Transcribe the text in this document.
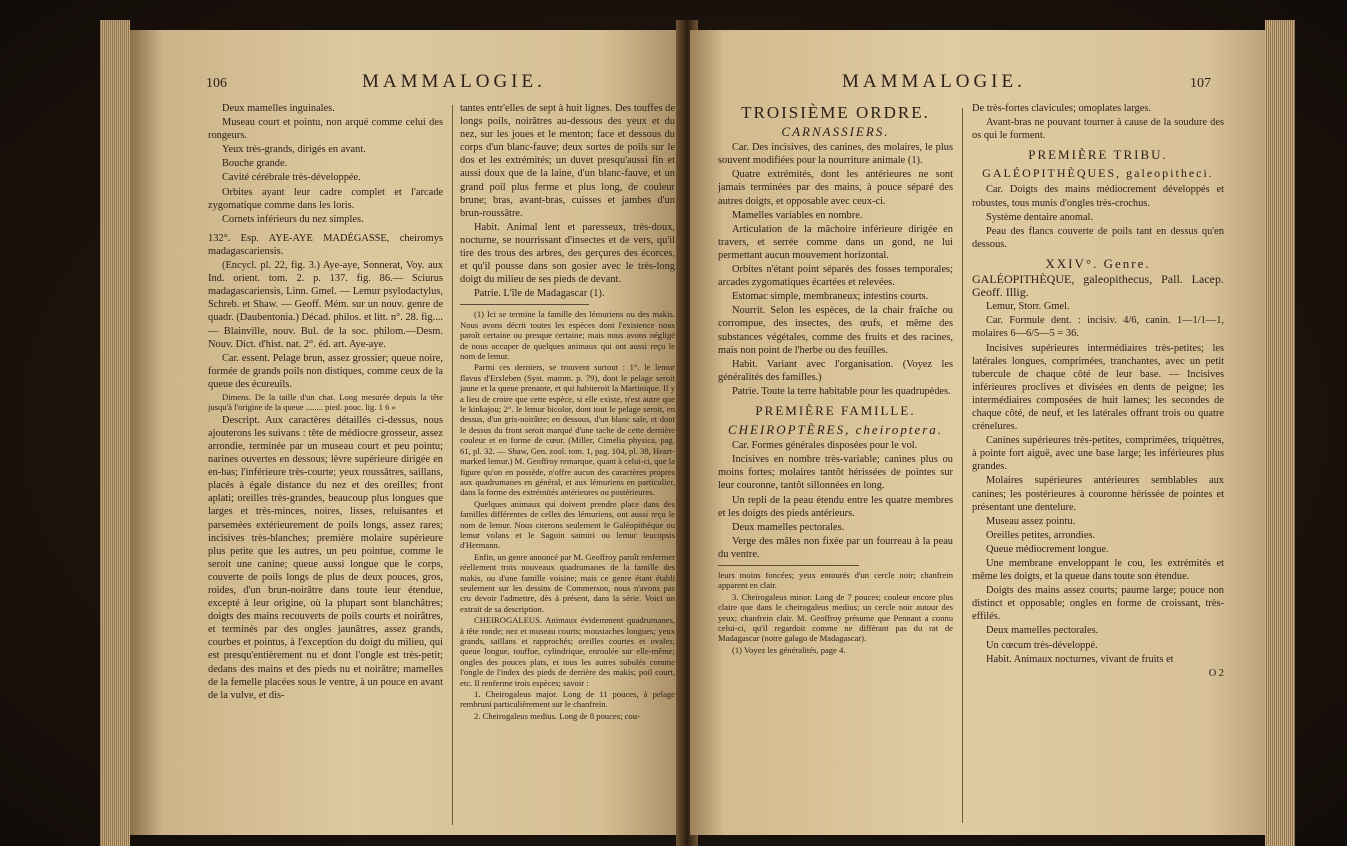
106	MAMMALOGIE.

Deux mamelles inguinales.

Museau court et pointu, non arqué comme celui des rongeurs.

Yeux très-grands, dirigés en avant.

Bouche grande.

Cavité cérébrale très-développée.

Orbites ayant leur cadre complet et l'arcade zygomatique comme dans les loris.

Cornets inférieurs du nez simples.

132°. Esp. AYE-AYE MADÉGASSE, cheiromys madagascariensis.

(Encycl. pl. 22, fig. 3.) Aye-aye, Sonnerat, Voy. aux Ind. orient. tom. 2. p. 137. fig. 86.— Sciurus madagascariensis, Linn. Gmel. — Lemur psylodactylus, Schreb. et Shaw. — Geoff. Mém. sur un nouv. genre de quadr. (Daubentonia.) Décad. philos. et litt. n°. 28. fig.... — Blainville, nouv. Bul. de la soc. philom.—Desm. Nouv. Dict. d'hist. nat. 2°. éd. art. Aye-aye.

Car. essent. Pelage brun, assez grossier; queue noire, formée de grands poils non distiques, comme ceux de la queue des écureuils.

Dimens. De la taille d'un chat. Long mesurée depuis la tête jusqu'à l'origine de la queue ........ pied. pouc. lig. 1 6 »

Descript. Aux caractères détaillés ci-dessus, nous ajouterons les suivans : tête de médiocre grosseur, assez arrondie, terminée par un museau court et peu pointu; narines ouvertes en dessous; lèvre supérieure dirigée en en-bas; l'inférieure très-courte; yeux roussâtres, saillans, placés à égale distance du nez et des oreilles; front aplati; oreilles très-grandes, beaucoup plus longues que larges et très-minces, noires, lisses, reluisantes et parsemées extérieurement de poils longs, assez rares; incisives très-blanches; première molaire supérieure plus petite que les autres, un peu pointue, comme le seroit une canine; queue aussi longue que le corps, couverte de poils longs de plus de deux pouces, gros, roides, d'un brun-noirâtre dans toute leur étendue, excepté à leur origine, où la plupart sont blanchâtres; doigts des mains recouverts de poils courts et noirâtres, et terminés par des ongles jaunâtres, assez grands, courbes et pointus, à l'exception du doigt du milieu, qui est presqu'entièrement nu et dont l'ongle est très-petit; dedans des mains et des pieds nu et noirâtre; mamelles de la femelle placées sous le ventre, à un pouce en avant de la vulve, et dis-

tantes entr'elles de sept à huit lignes. Des touffes de longs poils, noirâtres au-dessous des yeux et du nez, sur les joues et le menton; face et dessous du corps d'un blanc-fauve; deux sortes de poils sur le dos et les extrémités; un duvet presqu'aussi fin et aussi doux que de la laine, d'un blanc-fauve, et un grand poil plus ferme et plus long, de couleur brune; bras, avant-bras, cuisses et jambes d'un brun-roussâtre.

Habit. Animal lent et paresseux, très-doux, nocturne, se nourrissant d'insectes et de vers, qu'il tire des trous des arbres, des gerçures des écorces, et qu'il pousse dans son gosier avec le très-long doigt du milieu de ses pieds de devant.

Patrie. L'île de Madagascar (1).

(1) Ici se termine la famille des lémuriens ou des makis. Nous avons décrit toutes les espèces dont l'existence nous paroît certaine ou presque certaine; mais nous avons négligé de nous occuper de quelques animaux qui ont aussi reçu le nom de lemur.

Parmi ces derniers, se trouvent surtout : 1°. le lemur flavus d'Erxleben (Syst. mamm. p. 79), dont le pelage seroit jaune et la queue prenante, et qui habiteroit la Martinique. Il y a lieu de croire que cette espèce, si elle existe, n'est autre que le kinkajou; 2°. le lemur bicolor, dont tout le pelage seroit, en dessus, d'un gris-noirâtre; en dessous, d'un blanc sale, et dont le dessus du front seroit marqué d'une tache de cette dernière couleur et en forme de cœur. (Miller, Cimelia physica, pag. 61, pl. 32. — Shaw, Gen. zool. tom. 1, pag. 104, pl. 38, Heart-marked lemur.) M. Geoffroy remarque, quant à celui-ci, que la figure qu'on en possède, n'offre aucun des caractères propres aux quadrumanes en général, et aux lémuriens en particulier, dans la forme des extrémités antérieures ou postérieures.

Quelques animaux qui doivent prendre place dans des familles différentes de celles des lémuriens, ont aussi reçu le nom de lemur. Nous citerons seulement le Galéopithèque ou lemur volans et le Sagoin saimiri ou lemur leucopsis d'Hermann.

Enfin, un genre annoncé par M. Geoffroy paroît renfermer réellement trois nouveaux quadrumanes de la famille des makis, ou d'une famille voisine; mais ce genre étant établi seulement sur les dessins de Commerson, nous n'avons pas cru devoir l'admettre, dès à présent, dans la série. Voici un extrait de sa description.

CHEIROGALEUS. Animaux évidemment quadrumanes, à tête ronde; nez et museau courts; moustaches longues; yeux grands, saillans et rapprochés; oreilles courtes et ovales; queue longue, touffue, cylindrique, enroulée sur elle-même; ongles des pouces plats, et tous les autres subulés comme l'ongle de l'index des pieds de derrière des makis; poil court, etc. Il renferme trois espèces; savoir :

1. Cheirogaleus major. Long de 11 pouces, à pelage rembruni particulièrement sur le chanfrein.

2. Cheirogaleus medius. Long de 8 pouces; cou-

MAMMALOGIE.	107
TROISIÈME ORDRE.
CARNASSIERS.

Car. Des incisives, des canines, des molaires, le plus souvent modifiées pour la nourriture animale (1).

Quatre extrémités, dont les antérieures ne sont jamais terminées par des mains, à pouce séparé des autres doigts, et opposable avec ceux-ci.

Mamelles variables en nombre.

Articulation de la mâchoire inférieure dirigée en travers, et serrée comme dans un gond, ne lui permettant aucun mouvement horizontal.

Orbites n'étant point séparés des fosses temporales; arcades zygomatiques écartées et relevées.

Estomac simple, membraneux; intestins courts.

Nourrit. Selon les espèces, de la chair fraîche ou corrompue, des insectes, des œufs, et même des substances végétales, comme des fruits et des racines, mais non point de l'herbe ou des feuilles.

Habit. Variant avec l'organisation. (Voyez les généralités des familles.)

Patrie. Toute la terre habitable pour les quadrupèdes.

PREMIÈRE FAMILLE.
CHEIROPTÈRES, cheiroptera.

Car. Formes générales disposées pour le vol.

Incisives en nombre très-variable; canines plus ou moins fortes; molaires tantôt hérissées de pointes sur leur couronne, tantôt sillonnées en long.

Un repli de la peau étendu entre les quatre membres et les doigts des pieds antérieurs.

Deux mamelles pectorales.

Verge des mâles non fixée par un fourreau à la peau du ventre.

leurs moins foncées; yeux entourés d'un cercle noir; chanfrein apparent en clair.

3. Cheirogaleus minor. Long de 7 pouces; couleur encore plus claire que dans le cheirogaleus medius; un cercle noir autour des yeux; chanfrein clair. M. Geoffroy présume que Pennant a connu celui-ci, qu'il regardoit comme ne différant pas du rat de Madagascar (notre galago de Madagascar).

(1) Voyez les généralités, page 4.

De très-fortes clavicules; omoplates larges.

Avant-bras ne pouvant tourner à cause de la soudure des os qui le forment.

PREMIÈRE TRIBU.
GALÉOPITHÈQUES, galeopitheci.

Car. Doigts des mains médiocrement développés et robustes, tous munis d'ongles très-crochus.

Système dentaire anomal.

Peau des flancs couverte de poils tant en dessus qu'en dessous.

XXIV°. Genre.

GALÉOPITHÈQUE, galeopithecus, Pall. Lacep. Geoff. Illig.

Lemur, Storr. Gmel.

Car. Formule dent. : incisiv. 4/6, canin. 1—1/1—1, molaires 6—6/5—5 = 36.

Incisives supérieures intermédiaires très-petites; les latérales longues, comprimées, tranchantes, avec un petit tubercule de chaque côté de leur base. — Incisives inférieures proclives et divisées en dents de peigne; les intermédiaires composées de huit lames; les secondes de chaque côté, de neuf, et les latérales offrant trois ou quatre crénelures.

Canines supérieures très-petites, comprimées, triquètres, à pointe fort aiguë, avec une base large; les inférieures plus grandes.

Molaires supérieures antérieures semblables aux canines; les postérieures à couronne hérissée de pointes et présentant une dentelure.

Museau assez pointu.

Oreilles petites, arrondies.

Queue médiocrement longue.

Une membrane enveloppant le cou, les extrémités et même les doigts, et la queue dans toute son étendue.

Doigts des mains assez courts; paume large; pouce non distinct et opposable; ongles en forme de croissant, très-effilés.

Deux mamelles pectorales.

Un cœcum très-développé.

Habit. Animaux nocturnes, vivant de fruits et

O 2
